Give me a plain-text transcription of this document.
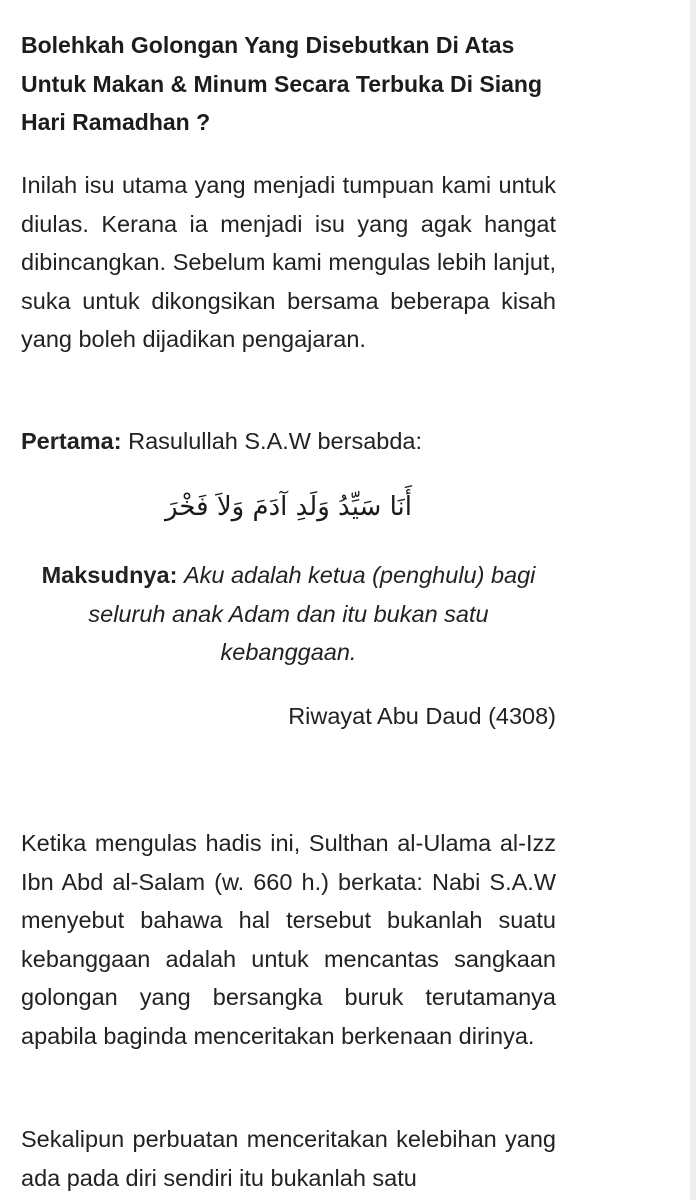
Bolehkah Golongan Yang Disebutkan Di Atas Untuk Makan & Minum Secara Terbuka Di Siang Hari Ramadhan ?

Inilah isu utama yang menjadi tumpuan kami untuk diulas. Kerana ia menjadi isu yang agak hangat dibincangkan. Sebelum kami mengulas lebih lanjut, suka untuk dikongsikan bersama beberapa kisah yang boleh dijadikan pengajaran.

Pertama: Rasulullah S.A.W bersabda:

أَنَا سَيِّدُ وَلَدِ آدَمَ وَلاَ فَخْرَ

Maksudnya: Aku adalah ketua (penghulu) bagi seluruh anak Adam dan itu bukan satu kebanggaan.

Riwayat Abu Daud (4308)

Ketika mengulas hadis ini, Sulthan al-Ulama al-Izz Ibn Abd al-Salam (w. 660 h.) berkata: Nabi S.A.W menyebut bahawa hal tersebut bukanlah suatu kebanggaan adalah untuk mencantas sangkaan golongan yang bersangka buruk terutamanya apabila baginda menceritakan berkenaan dirinya.

Sekalipun perbuatan menceritakan kelebihan yang ada pada diri sendiri itu bukanlah satu
